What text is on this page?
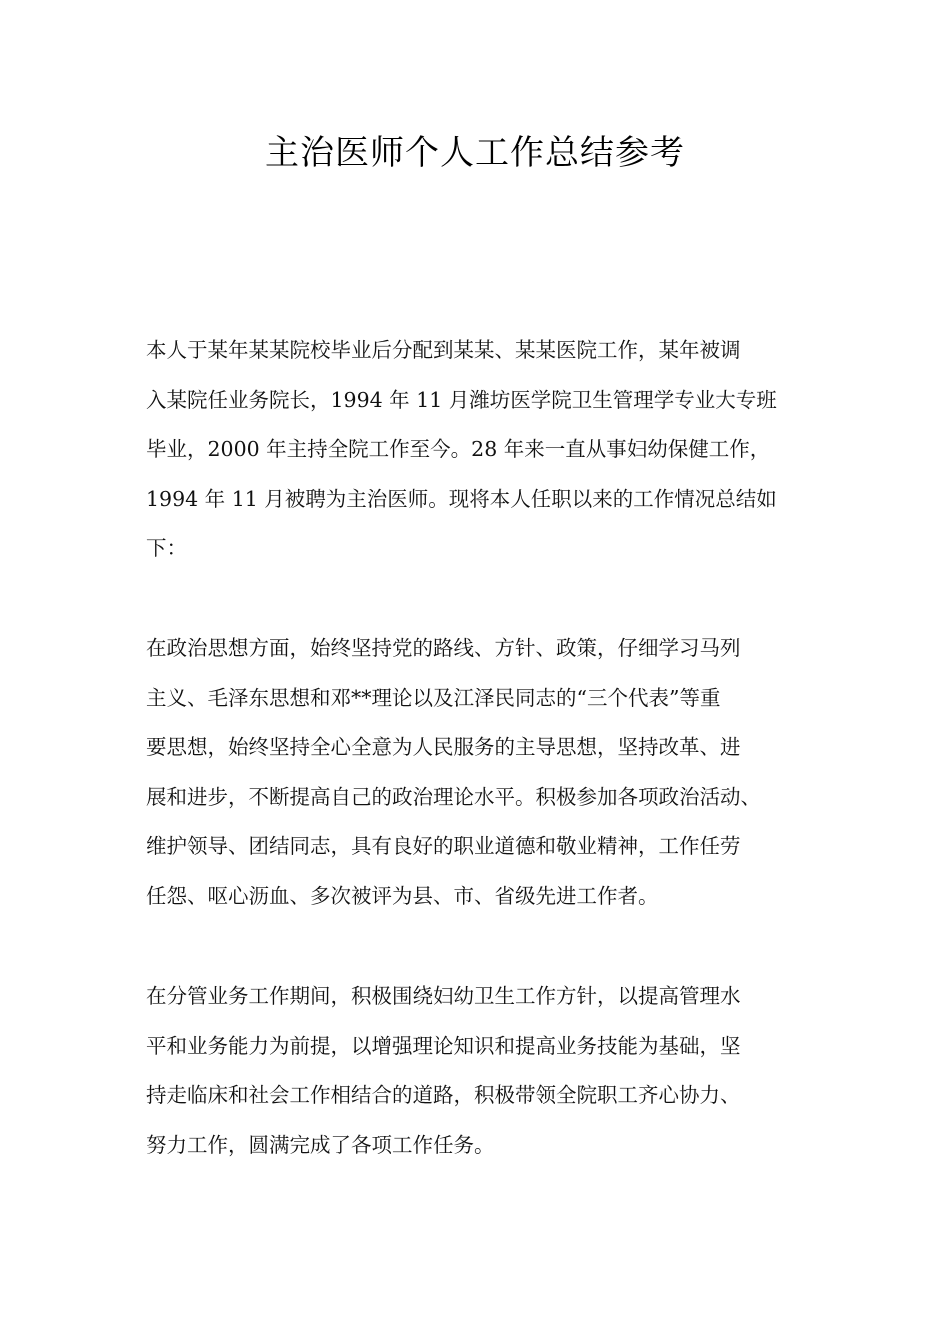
主治医师个人工作总结参考
本人于某年某某院校毕业后分配到某某、某某医院工作，某年被调
入某院任业务院长，1994 年 11 月潍坊医学院卫生管理学专业大专班
毕业，2000 年主持全院工作至今。28 年来一直从事妇幼保健工作，
1994 年 11 月被聘为主治医师。现将本人任职以来的工作情况总结如
下：
在政治思想方面，始终坚持党的路线、方针、政策，仔细学习马列
主义、毛泽东思想和邓**理论以及江泽民同志的“三个代表”等重
要思想，始终坚持全心全意为人民服务的主导思想，坚持改革、进
展和进步，不断提高自己的政治理论水平。积极参加各项政治活动、
维护领导、团结同志，具有良好的职业道德和敬业精神，工作任劳
任怨、呕心沥血、多次被评为县、市、省级先进工作者。
在分管业务工作期间，积极围绕妇幼卫生工作方针，以提高管理水
平和业务能力为前提，以增强理论知识和提高业务技能为基础，坚
持走临床和社会工作相结合的道路，积极带领全院职工齐心协力、
努力工作，圆满完成了各项工作任务。
